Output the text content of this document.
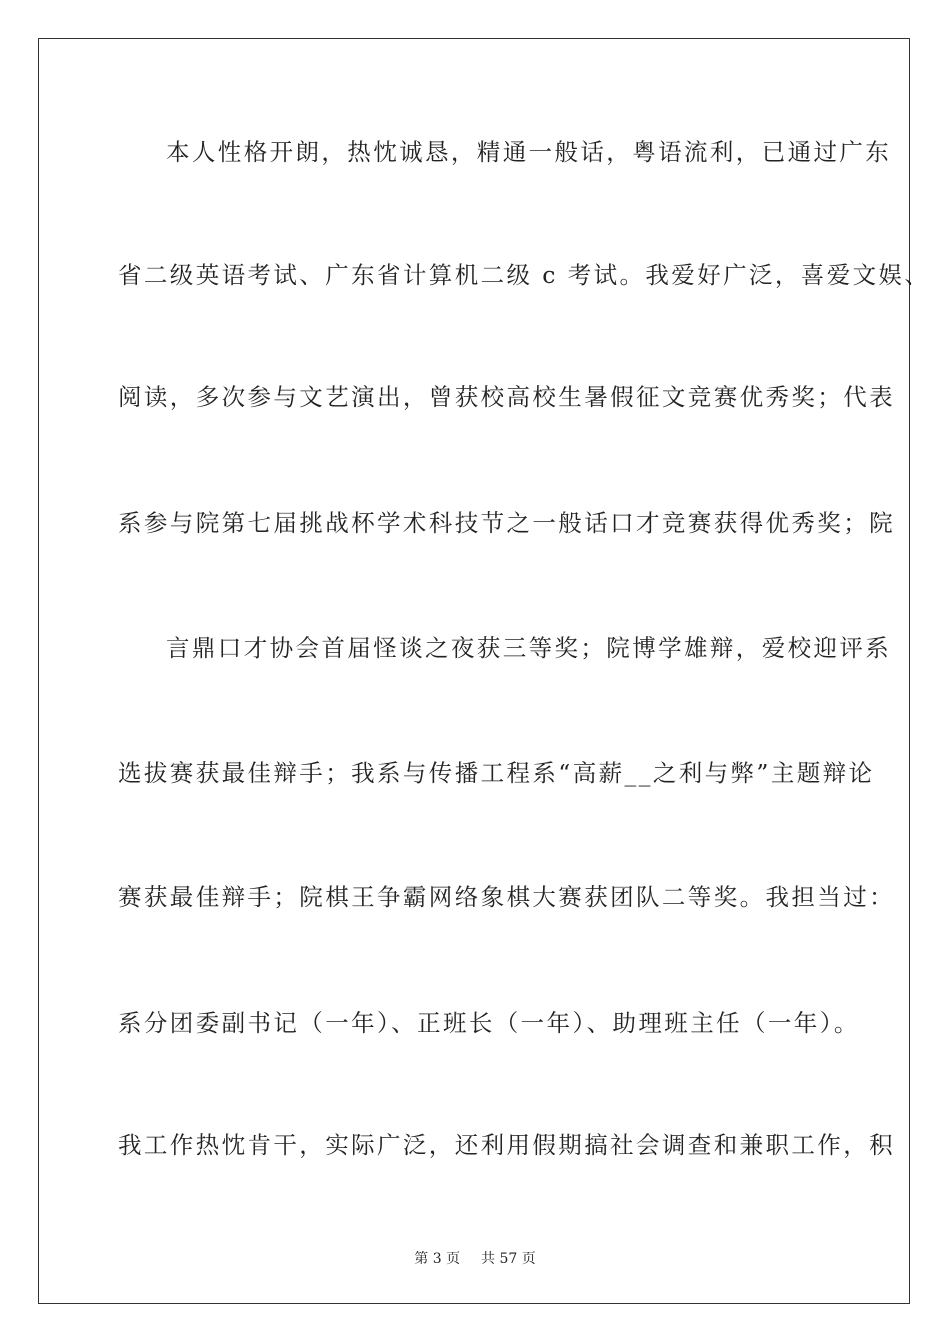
本人性格开朗，热忱诚恳，精通一般话，粤语流利，已通过广东
省二级英语考试、广东省计算机二级 c 考试。我爱好广泛，喜爱文娱、
阅读，多次参与文艺演出，曾获校高校生暑假征文竞赛优秀奖；代表
系参与院第七届挑战杯学术科技节之一般话口才竞赛获得优秀奖；院
言鼎口才协会首届怪谈之夜获三等奖；院博学雄辩，爱校迎评系
选拔赛获最佳辩手；我系与传播工程系“高薪__之利与弊”主题辩论
赛获最佳辩手；院棋王争霸网络象棋大赛获团队二等奖。我担当过：
系分团委副书记（一年）、正班长（一年）、助理班主任（一年）。
我工作热忱肯干，实际广泛，还利用假期搞社会调查和兼职工作，积
第 3 页 共 57 页
